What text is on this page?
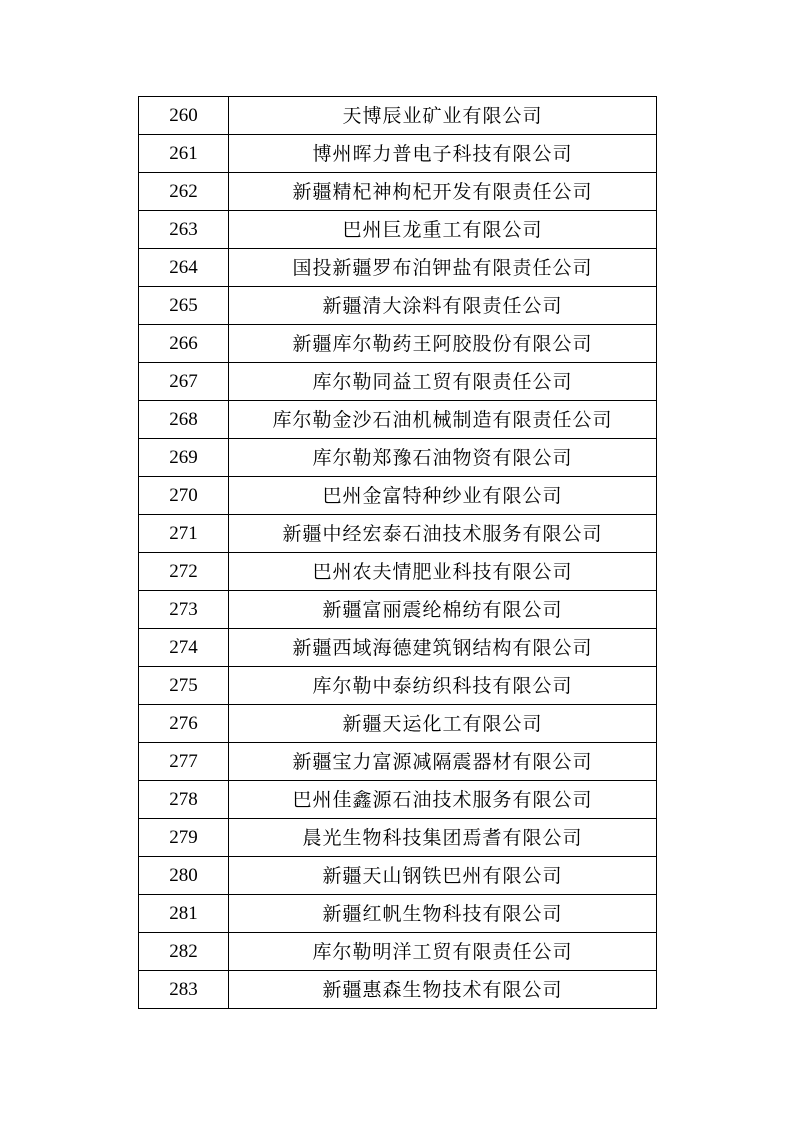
260	天博辰业矿业有限公司
261	博州晖力普电子科技有限公司
262	新疆精杞神枸杞开发有限责任公司
263	巴州巨龙重工有限公司
264	国投新疆罗布泊钾盐有限责任公司
265	新疆清大涂料有限责任公司
266	新疆库尔勒药王阿胶股份有限公司
267	库尔勒同益工贸有限责任公司
268	库尔勒金沙石油机械制造有限责任公司
269	库尔勒郑豫石油物资有限公司
270	巴州金富特种纱业有限公司
271	新疆中经宏泰石油技术服务有限公司
272	巴州农夫情肥业科技有限公司
273	新疆富丽震纶棉纺有限公司
274	新疆西域海德建筑钢结构有限公司
275	库尔勒中泰纺织科技有限公司
276	新疆天运化工有限公司
277	新疆宝力富源减隔震器材有限公司
278	巴州佳鑫源石油技术服务有限公司
279	晨光生物科技集团焉耆有限公司
280	新疆天山钢铁巴州有限公司
281	新疆红帆生物科技有限公司
282	库尔勒明洋工贸有限责任公司
283	新疆惠森生物技术有限公司
